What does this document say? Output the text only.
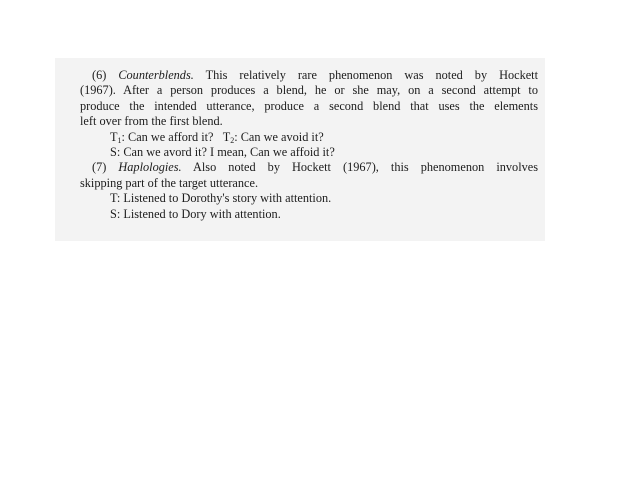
(6) Counterblends. This relatively rare phenomenon was noted by Hockett
(1967). After a person produces a blend, he or she may, on a second attempt to
produce the intended utterance, produce a second blend that uses the elements
left over from the first blend.
$T_1$: Can we afford it? $T_2$: Can we avoid it?
S: Can we avord it? I mean, Can we affoid it?
(7) Haplologies. Also noted by Hockett (1967), this phenomenon involves
skipping part of the target utterance.
T: Listened to Dorothy's story with attention.
S: Listened to Dory with attention.
